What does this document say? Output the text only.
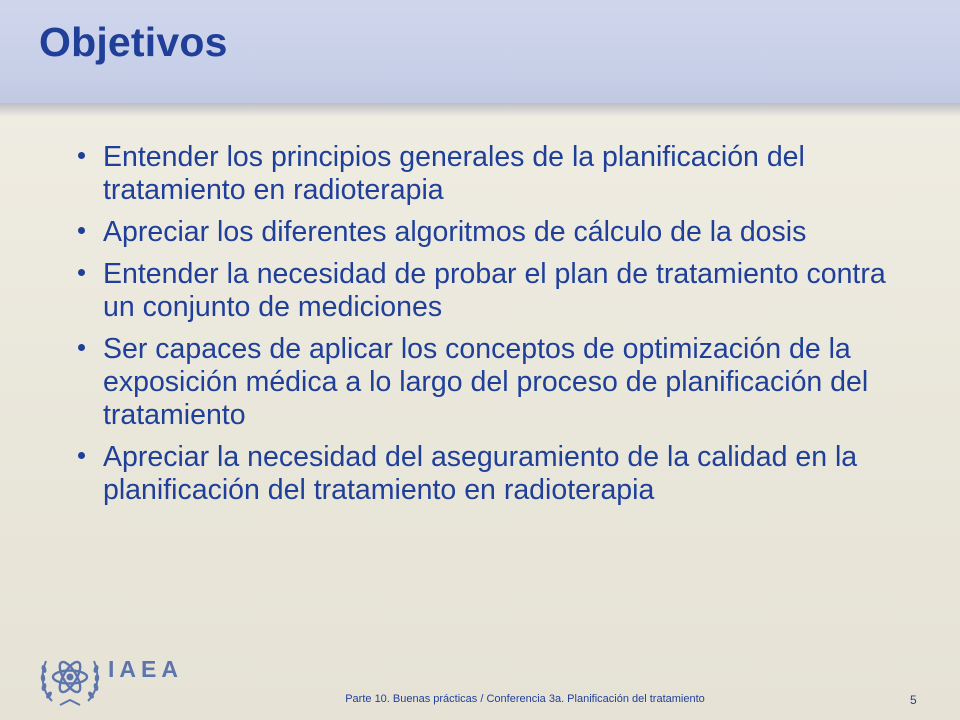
Objetivos
Entender los principios generales de la planificación del tratamiento en radioterapia
Apreciar los diferentes algoritmos de cálculo de la dosis
Entender la necesidad de probar el plan de tratamiento contra un conjunto de mediciones
Ser capaces de aplicar los conceptos de optimización de la exposición médica a lo largo del proceso de planificación del tratamiento
Apreciar la necesidad del aseguramiento de la calidad en la planificación del tratamiento en radioterapia
IAEA
Parte 10. Buenas prácticas / Conferencia 3a. Planificación del tratamiento	5
